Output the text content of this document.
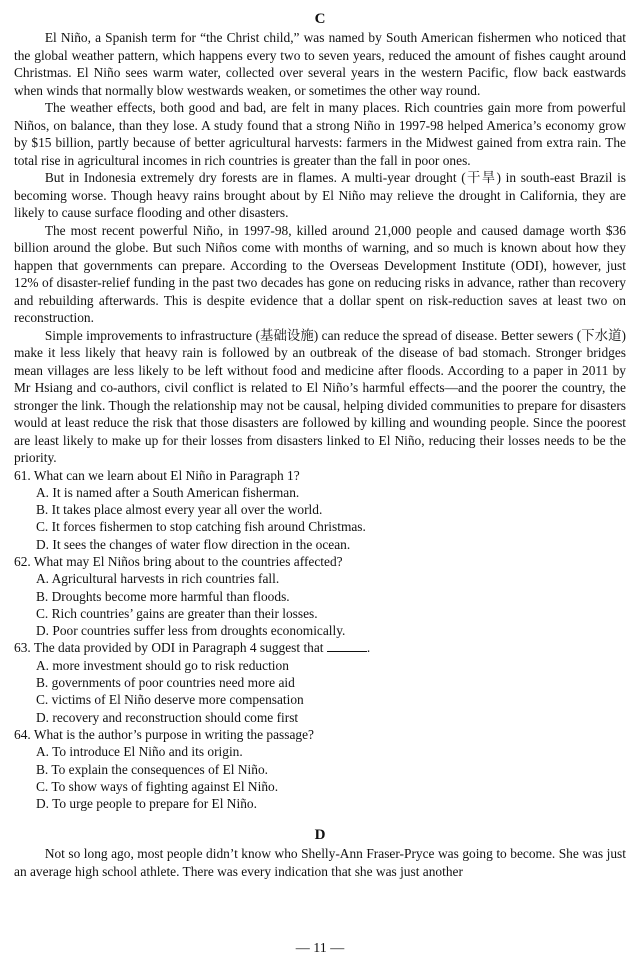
C

El Niño, a Spanish term for “the Christ child,” was named by South American fishermen who noticed that the global weather pattern, which happens every two to seven years, reduced the amount of fishes caught around Christmas. El Niño sees warm water, collected over several years in the western Pacific, flow back eastwards when winds that normally blow westwards weaken, or sometimes the other way round.

The weather effects, both good and bad, are felt in many places. Rich countries gain more from powerful Niños, on balance, than they lose. A study found that a strong Niño in 1997-98 helped America’s economy grow by $15 billion, partly because of better agricultural harvests: farmers in the Midwest gained from extra rain. The total rise in agricultural incomes in rich countries is greater than the fall in poor ones.

But in Indonesia extremely dry forests are in flames. A multi-year drought (干旱) in south-east Brazil is becoming worse. Though heavy rains brought about by El Niño may relieve the drought in California, they are likely to cause surface flooding and other disasters.

The most recent powerful Niño, in 1997-98, killed around 21,000 people and caused damage worth $36 billion around the globe. But such Niños come with months of warning, and so much is known about how they happen that governments can prepare. According to the Overseas Development Institute (ODI), however, just 12% of disaster-relief funding in the past two decades has gone on reducing risks in advance, rather than recovery and rebuilding afterwards. This is despite evidence that a dollar spent on risk-reduction saves at least two on reconstruction.

Simple improvements to infrastructure (基础设施) can reduce the spread of disease. Better sewers (下水道) make it less likely that heavy rain is followed by an outbreak of the disease of bad stomach. Stronger bridges mean villages are less likely to be left without food and medicine after floods. According to a paper in 2011 by Mr Hsiang and co-authors, civil conflict is related to El Niño’s harmful effects—and the poorer the country, the stronger the link. Though the relationship may not be causal, helping divided communities to prepare for disasters would at least reduce the risk that those disasters are followed by killing and wounding people. Since the poorest are least likely to make up for their losses from disasters linked to El Niño, reducing their losses needs to be the priority.

61. What can we learn about El Niño in Paragraph 1?

A. It is named after a South American fisherman.

B. It takes place almost every year all over the world.

C. It forces fishermen to stop catching fish around Christmas.

D. It sees the changes of water flow direction in the ocean.

62. What may El Niños bring about to the countries affected?

A. Agricultural harvests in rich countries fall.

B. Droughts become more harmful than floods.

C. Rich countries’ gains are greater than their losses.

D. Poor countries suffer less from droughts economically.

63. The data provided by ODI in Paragraph 4 suggest that	.

A. more investment should go to risk reduction

B. governments of poor countries need more aid

C. victims of El Niño deserve more compensation

D. recovery and reconstruction should come first

64. What is the author’s purpose in writing the passage?

A. To introduce El Niño and its origin.

B. To explain the consequences of El Niño.

C. To show ways of fighting against El Niño.

D. To urge people to prepare for El Niño.

D

Not so long ago, most people didn’t know who Shelly-Ann Fraser-Pryce was going to become. She was just an average high school athlete. There was every indication that she was just another

— 11 —
